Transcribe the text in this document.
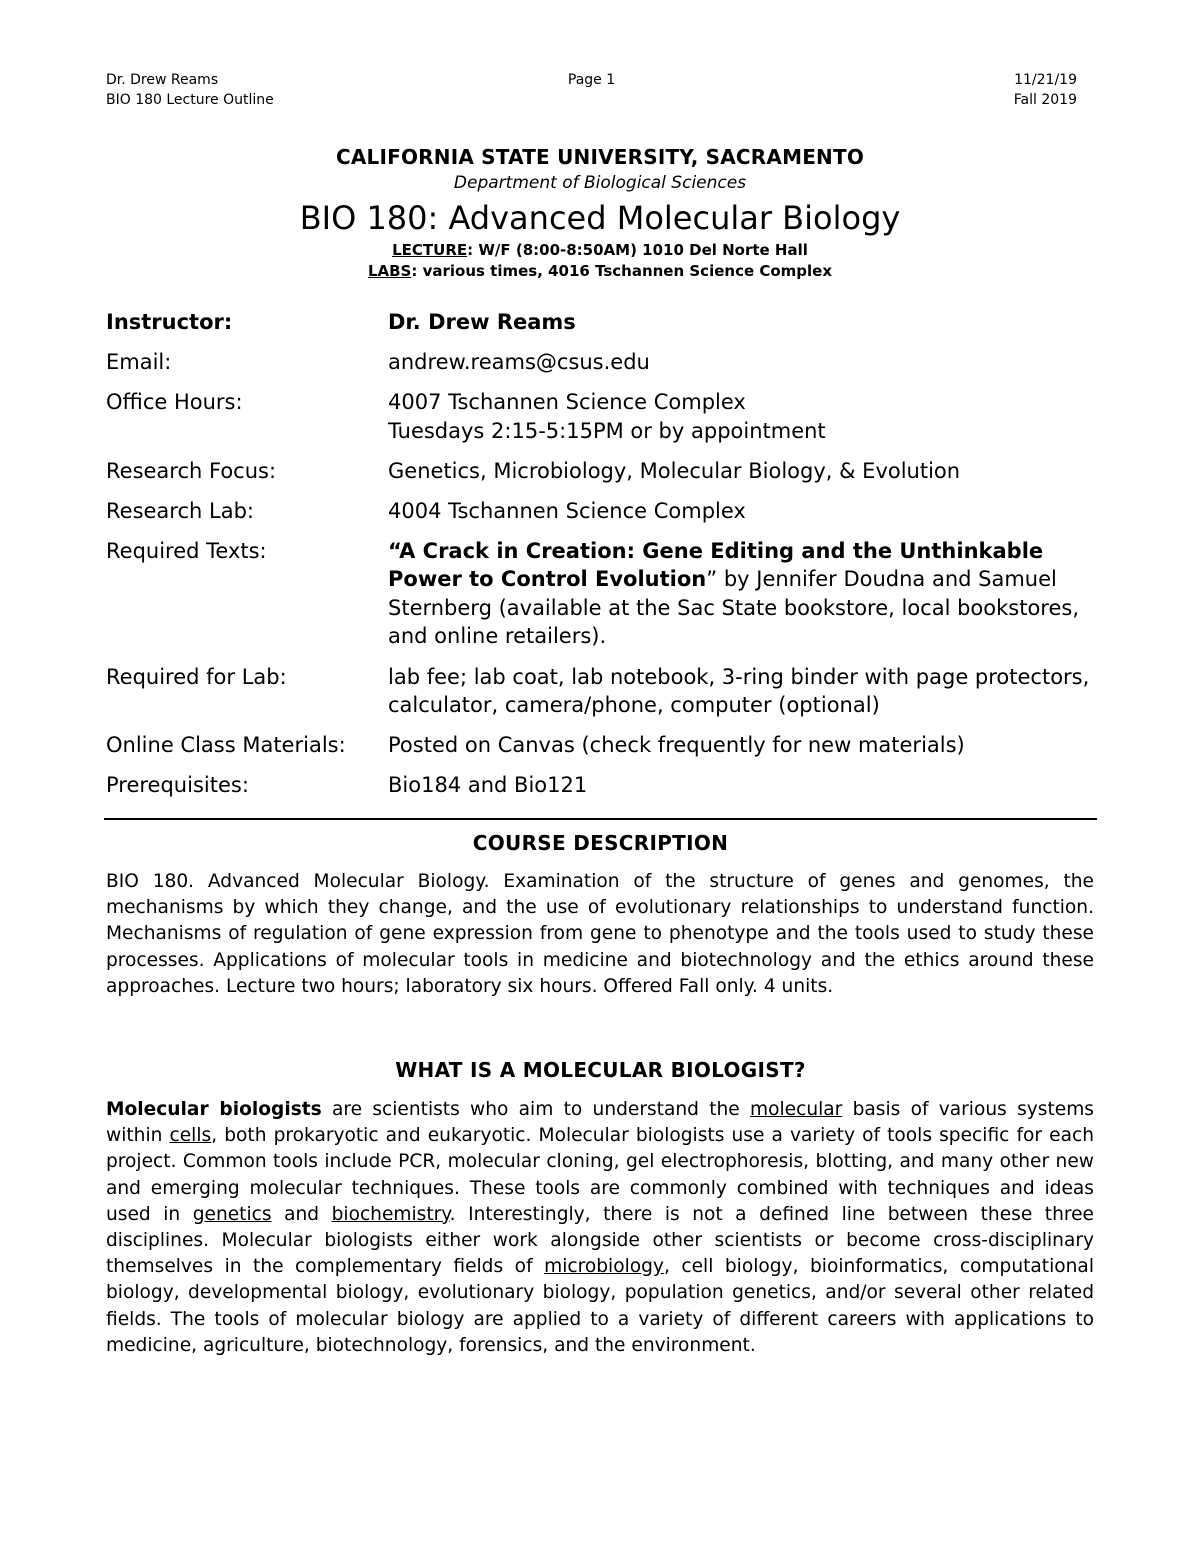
Dr. Drew Reams
BIO 180 Lecture Outline
Page 1	11/21/19
Fall 2019
CALIFORNIA STATE UNIVERSITY, SACRAMENTO
Department of Biological Sciences
BIO 180: Advanced Molecular Biology
LECTURE: W/F (8:00-8:50AM) 1010 Del Norte Hall
LABS: various times, 4016 Tschannen Science Complex
Instructor:	Dr. Drew Reams
Email:	andrew.reams@csus.edu
Office Hours:	4007 Tschannen Science Complex
Tuesdays 2:15-5:15PM or by appointment
Research Focus:	Genetics, Microbiology, Molecular Biology, & Evolution
Research Lab:	4004 Tschannen Science Complex
Required Texts:	“A Crack in Creation: Gene Editing and the Unthinkable Power to Control Evolution” by Jennifer Doudna and Samuel Sternberg (available at the Sac State bookstore, local bookstores, and online retailers).
Required for Lab:	lab fee; lab coat, lab notebook, 3-ring binder with page protectors, calculator, camera/phone, computer (optional)
Online Class Materials:	Posted on Canvas (check frequently for new materials)
Prerequisites:	Bio184 and Bio121
COURSE DESCRIPTION
BIO 180. Advanced Molecular Biology. Examination of the structure of genes and genomes, the mechanisms by which they change, and the use of evolutionary relationships to understand function. Mechanisms of regulation of gene expression from gene to phenotype and the tools used to study these processes. Applications of molecular tools in medicine and biotechnology and the ethics around these approaches. Lecture two hours; laboratory six hours. Offered Fall only. 4 units.
WHAT IS A MOLECULAR BIOLOGIST?
Molecular biologists are scientists who aim to understand the molecular basis of various systems within cells, both prokaryotic and eukaryotic. Molecular biologists use a variety of tools specific for each project. Common tools include PCR, molecular cloning, gel electrophoresis, blotting, and many other new and emerging molecular techniques. These tools are commonly combined with techniques and ideas used in genetics and biochemistry. Interestingly, there is not a defined line between these three disciplines. Molecular biologists either work alongside other scientists or become cross-disciplinary themselves in the complementary fields of microbiology, cell biology, bioinformatics, computational biology, developmental biology, evolutionary biology, population genetics, and/or several other related fields. The tools of molecular biology are applied to a variety of different careers with applications to medicine, agriculture, biotechnology, forensics, and the environment.
